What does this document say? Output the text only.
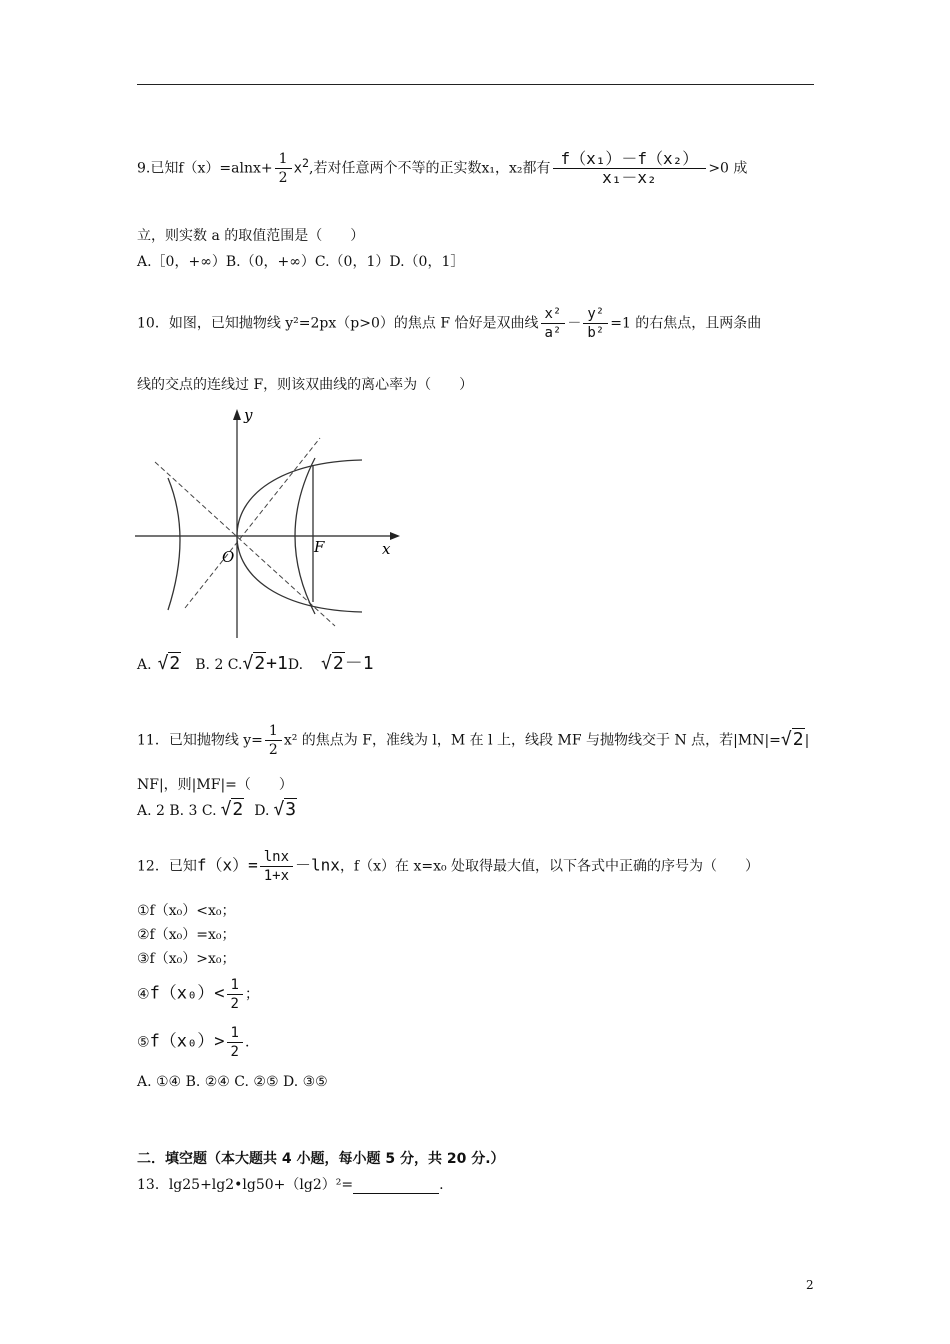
9.已知$f(x)=alnx+ \frac{1}{2} x^2$,若对任意两个不等的正实数x₁，x₂都有 $\frac{\text{f（x₁）－f（x₂）}}{\text{x₁－x₂}} >0$ 成
立，则实数 a 的取值范围是（　　）
A.［0，+∞）B.（0，+∞）C.（0，1）D.（0，1］
10．如图，已知抛物线 y²=2px（p>0）的焦点 F 恰好是双曲线 $\frac{\text{x²}}{\text{a²}} - \frac{\text{y²}}{\text{b²}} =1$ 的右焦点，且两条曲
线的交点的连线过 F，则该双曲线的离心率为（　　）
y
x
O
F
A. √2 B. 2 C.√2+1D. √2－1
11．已知抛物线 $y= \frac{1}{2} x^2$ 的焦点为 F，准线为 l，M 在 l 上，线段 MF 与抛物线交于 N 点，若|MN|=√2|
NF|，则|MF|=（　　）
A. 2 B. 3 C. √2 D. √3
12．已知$f(x)= \frac{\ln x}{1+x} -\ln x$，f（x）在 x=x₀ 处取得最大值，以下各式中正确的序号为（　　）
①f（x₀）<x₀；
②f（x₀）=x₀；
③f（x₀）>x₀；
④f（x₀）< $\frac{1}{2}$ ；
⑤f（x₀）> $\frac{1}{2}$ .
A. ①④ B. ②④ C. ②⑤ D. ③⑤
二．填空题（本大题共 4 小题，每小题 5 分，共 20 分.）
13．lg25+lg2•lg50+（lg2）²=	.
2
